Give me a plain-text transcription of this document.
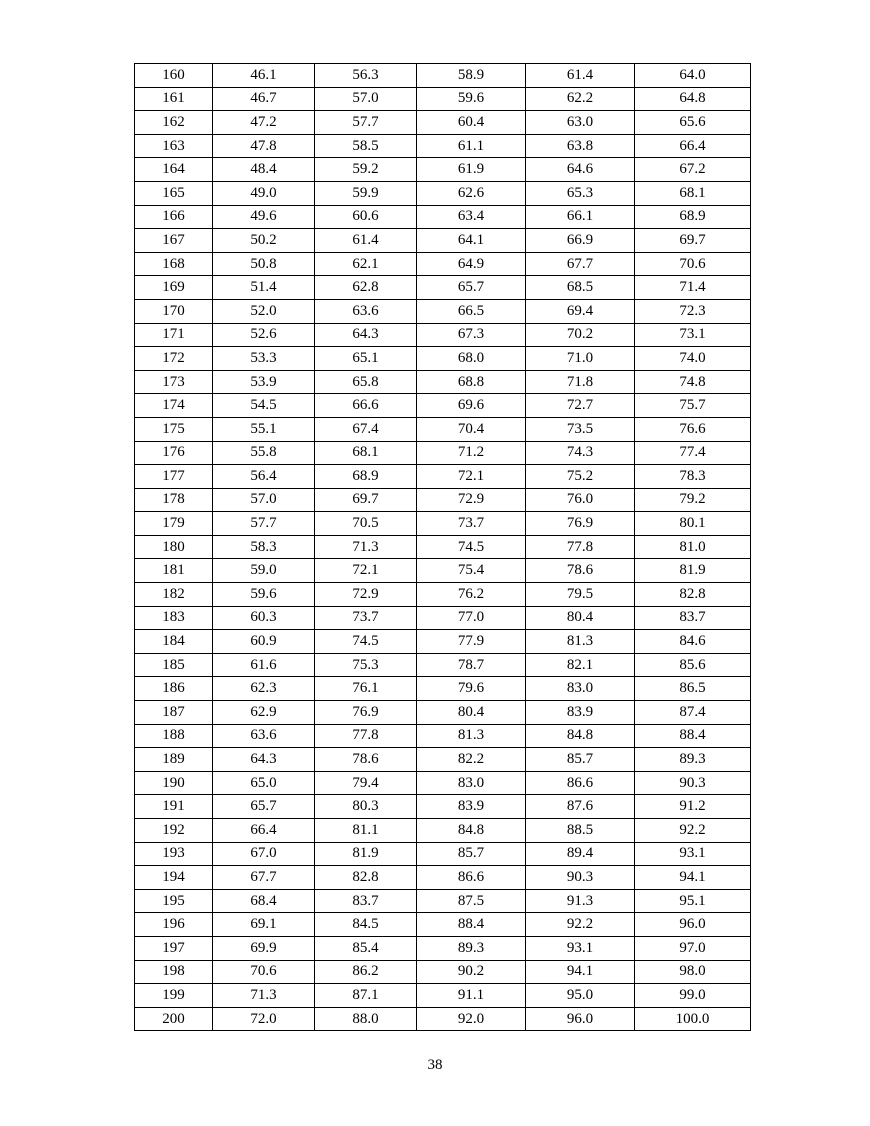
160	46.1	56.3	58.9	61.4	64.0
161	46.7	57.0	59.6	62.2	64.8
162	47.2	57.7	60.4	63.0	65.6
163	47.8	58.5	61.1	63.8	66.4
164	48.4	59.2	61.9	64.6	67.2
165	49.0	59.9	62.6	65.3	68.1
166	49.6	60.6	63.4	66.1	68.9
167	50.2	61.4	64.1	66.9	69.7
168	50.8	62.1	64.9	67.7	70.6
169	51.4	62.8	65.7	68.5	71.4
170	52.0	63.6	66.5	69.4	72.3
171	52.6	64.3	67.3	70.2	73.1
172	53.3	65.1	68.0	71.0	74.0
173	53.9	65.8	68.8	71.8	74.8
174	54.5	66.6	69.6	72.7	75.7
175	55.1	67.4	70.4	73.5	76.6
176	55.8	68.1	71.2	74.3	77.4
177	56.4	68.9	72.1	75.2	78.3
178	57.0	69.7	72.9	76.0	79.2
179	57.7	70.5	73.7	76.9	80.1
180	58.3	71.3	74.5	77.8	81.0
181	59.0	72.1	75.4	78.6	81.9
182	59.6	72.9	76.2	79.5	82.8
183	60.3	73.7	77.0	80.4	83.7
184	60.9	74.5	77.9	81.3	84.6
185	61.6	75.3	78.7	82.1	85.6
186	62.3	76.1	79.6	83.0	86.5
187	62.9	76.9	80.4	83.9	87.4
188	63.6	77.8	81.3	84.8	88.4
189	64.3	78.6	82.2	85.7	89.3
190	65.0	79.4	83.0	86.6	90.3
191	65.7	80.3	83.9	87.6	91.2
192	66.4	81.1	84.8	88.5	92.2
193	67.0	81.9	85.7	89.4	93.1
194	67.7	82.8	86.6	90.3	94.1
195	68.4	83.7	87.5	91.3	95.1
196	69.1	84.5	88.4	92.2	96.0
197	69.9	85.4	89.3	93.1	97.0
198	70.6	86.2	90.2	94.1	98.0
199	71.3	87.1	91.1	95.0	99.0
200	72.0	88.0	92.0	96.0	100.0
38
